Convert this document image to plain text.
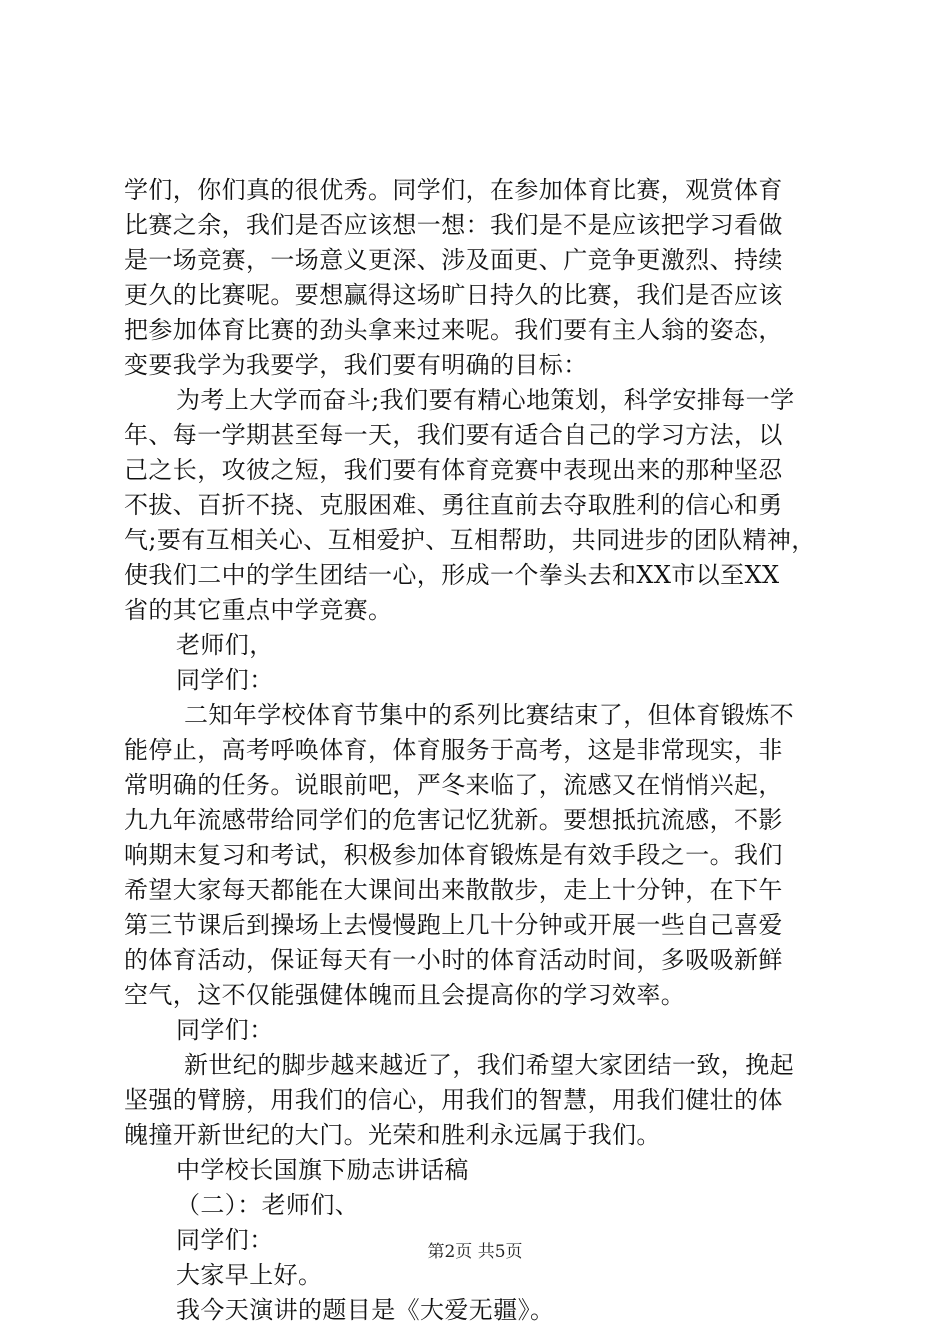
学们，你们真的很优秀。同学们，在参加体育比赛，观赏体育
比赛之余，我们是否应该想一想：我们是不是应该把学习看做
是一场竞赛，一场意义更深、涉及面更、广竞争更激烈、持续
更久的比赛呢。要想赢得这场旷日持久的比赛，我们是否应该
把参加体育比赛的劲头拿来过来呢。我们要有主人翁的姿态，
变要我学为我要学，我们要有明确的目标：
为考上大学而奋斗;我们要有精心地策划，科学安排每一学
年、每一学期甚至每一天，我们要有适合自己的学习方法，以
己之长，攻彼之短，我们要有体育竞赛中表现出来的那种坚忍
不拔、百折不挠、克服困难、勇往直前去夺取胜利的信心和勇
气;要有互相关心、互相爱护、互相帮助，共同进步的团队精神，
使我们二中的学生团结一心，形成一个拳头去和XX市以至XX
省的其它重点中学竞赛。
老师们，
同学们：
二知年学校体育节集中的系列比赛结束了，但体育锻炼不
能停止，高考呼唤体育，体育服务于高考，这是非常现实，非
常明确的任务。说眼前吧，严冬来临了，流感又在悄悄兴起，
九九年流感带给同学们的危害记忆犹新。要想抵抗流感，不影
响期末复习和考试，积极参加体育锻炼是有效手段之一。我们
希望大家每天都能在大课间出来散散步，走上十分钟，在下午
第三节课后到操场上去慢慢跑上几十分钟或开展一些自己喜爱
的体育活动，保证每天有一小时的体育活动时间，多吸吸新鲜
空气，这不仅能强健体魄而且会提高你的学习效率。
同学们：
新世纪的脚步越来越近了，我们希望大家团结一致，挽起
坚强的臂膀，用我们的信心，用我们的智慧，用我们健壮的体
魄撞开新世纪的大门。光荣和胜利永远属于我们。
中学校长国旗下励志讲话稿
（二）：老师们、
同学们：
大家早上好。
我今天演讲的题目是《大爱无疆》。
第2页 共5页
